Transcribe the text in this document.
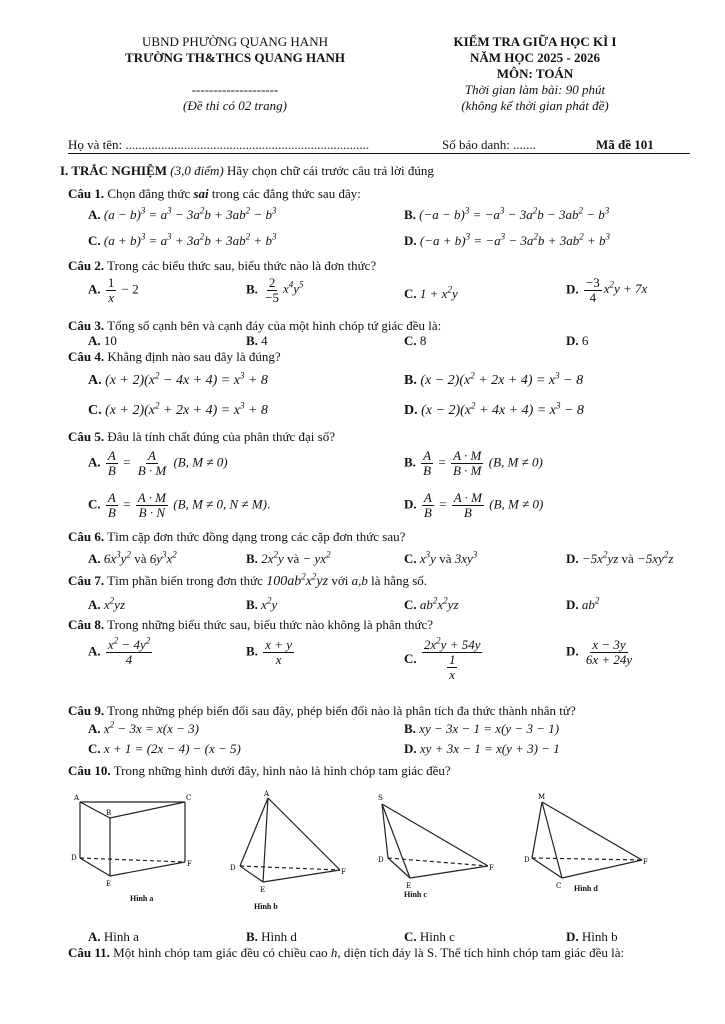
UBND PHƯỜNG QUANG HANH
TRƯỜNG TH&THCS QUANG HANH
--------------------
(Đề thi có 02 trang)
KIỂM TRA GIỮA HỌC KÌ I
NĂM HỌC 2025 - 2026
MÔN: TOÁN
Thời gian làm bài: 90 phút
(không kể thời gian phát đề)
Họ và tên: ...........................................................................	Số báo danh: .......	Mã đề 101
I. TRẮC NGHIỆM (3,0 điểm) Hãy chọn chữ cái trước câu trả lời đúng
Câu 1. Chọn đẳng thức sai trong các đẳng thức sau đây:
A. $(a - b)^3 = a^3 - 3a^2b + 3ab^2 - b^3$	B. $(-a - b)^3 = -a^3 - 3a^2b - 3ab^2 - b^3$
C. $(a + b)^3 = a^3 + 3a^2b + 3ab^2 + b^3$	D. $(-a + b)^3 = -a^3 - 3a^2b + 3ab^2 + b^3$
Câu 2. Trong các biểu thức sau, biểu thức nào là đơn thức?
A. $\frac{1}{x} - 2$	B. $\frac{2}{-5} x^4y^5$
C. $1 + x^2y$	D. $\frac{-3}{4} x^2y + 7x$
Câu 3. Tổng số cạnh bên và cạnh đáy của một hình chóp tứ giác đều là:
A. 10	B. 4	C. 8	D. 6
Câu 4. Khẳng định nào sau đây là đúng?
A. $(x + 2)(x^2 - 4x + 4) = x^3 + 8$	B. $(x - 2)(x^2 + 2x + 4) = x^3 - 8$
C. $(x + 2)(x^2 + 2x + 4) = x^3 + 8$	D. $(x - 2)(x^2 + 4x + 4) = x^3 - 8$
Câu 5. Đâu là tính chất đúng của phân thức đại số?
A. $\frac{A}{B} = \frac{A}{B \cdot M} (B$, M ≠ 0)	B. $\frac{A}{B} = \frac{A \cdot M}{B \cdot M} (B$, M ≠ 0)
C. $\frac{A}{B} = \frac{A \cdot M}{B \cdot N} (B$, M ≠ 0, N ≠ M).	D. $\frac{A}{B} = \frac{A \cdot M}{B} (B$, M ≠ 0)
Câu 6. Tìm cặp đơn thức đồng dạng trong các cặp đơn thức sau?
A. $6x^3y^2$ và $6y^3x^2$	B. $2x^2y$ và − $yx^2$	C. $x^3y$ và $3xy^3$	D. $-5x^2yz$ và $-5xy^2z$
Câu 7. Tìm phần biến trong đơn thức $100ab^2x^2yz$ với a,b là hằng số.
A. $x^2yz$	B. $x^2y$	C. $ab^2x^2yz$	D. $ab^2$
Câu 8. Trong những biểu thức sau, biểu thức nào không là phân thức?
A. $\frac{x^2 - 4y^2}{4}$	B. $\frac{x + y}{x}$	C. $\frac{2x^2y + 54y}{\frac{1}{x}}$	D. $\frac{x - 3y}{6x + 24y}$
Câu 9. Trong những phép biến đổi sau đây, phép biến đổi nào là phân tích đa thức thành nhân tử?
A. $x^2 - 3x = x(x - 3)$	B. xy − 3x − 1 = x(y − 3 − 1)
C. x + 1 = (2x − 4) − (x − 5)	D. xy + 3x − 1 = x(y + 3) − 1
Câu 10. Trong những hình dưới đây, hình nào là hình chóp tam giác đều?
A
B
C
D
E
F
Hình a
A
D
E
F
Hình b
S
D
E
F
Hình c
M
D
C
F
Hình d
A. Hình a	B. Hình d	C. Hình c	D. Hình b
Câu 11. Một hình chóp tam giác đều có chiều cao h, diện tích đáy là S. Thể tích hình chóp tam giác đều là:
